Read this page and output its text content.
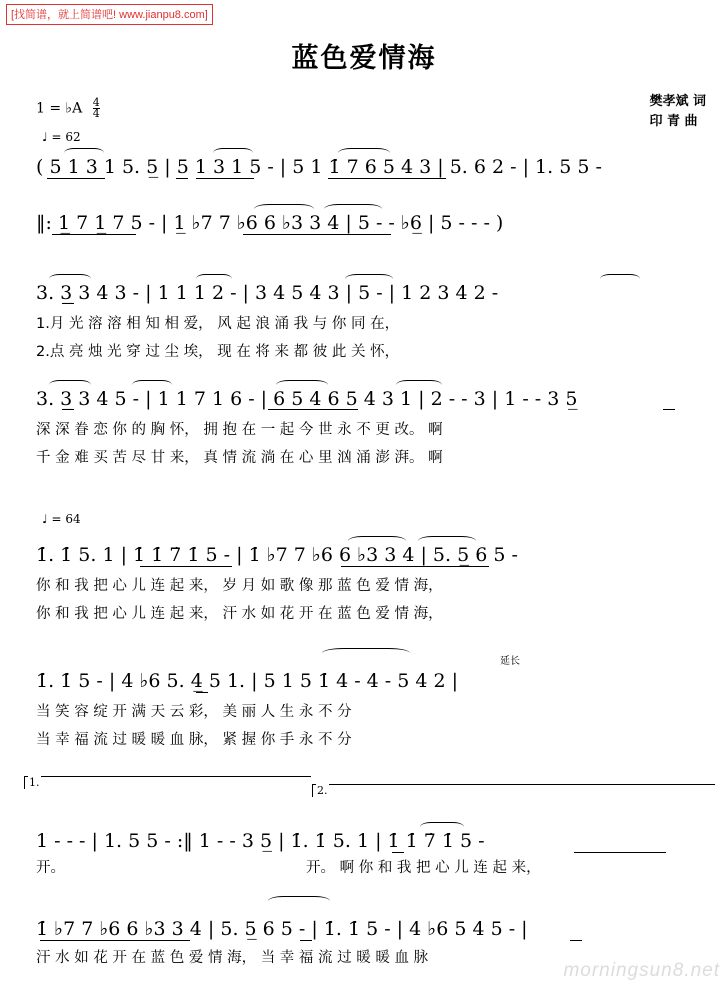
[找简谱，就上简谱吧! www.jianpu8.com]
蓝色爱情海
樊孝斌 词
印 青 曲
1 = ♭A $\frac{4}{4}$
♩ = 62
( 5 1 3 1 5. 5̲ | 5 1 3 1 5 - | 5 1 1̇ 7 6 5 4 3 | 5. 6 2 - | 1. 5 5 -
‖: 1̲ 7 1̲ 7 5 - | 1̲ ♭7 7 ♭6 6 ♭3 3 4 | 5 - - ♭6̲ | 5 - - - )
3. 3̲ 3 4 3 - | 1 1 1 2 - | 3 4 5 4 3 | 5 - | 1 2 3 4 2 -
1.月 光 溶 溶 相 知 相 爱， 风 起 浪 涌 我 与 你 同 在，
2.点 亮 烛 光 穿 过 尘 埃， 现 在 将 来 都 彼 此 关 怀，
3. 3̲ 3 4 5 - | 1 1 7 1 6 - | 6 5 4 6 5 4 3 1 | 2 - - 3 | 1 - - 3 5̲
深 深 眷 恋 你 的 胸 怀， 拥 抱 在 一 起 今 世 永 不 更 改。 啊
千 金 难 买 苦 尽 甘 来， 真 情 流 淌 在 心 里 汹 涌 澎 湃。 啊
♩ = 64
1̇. 1̇ 5. 1 | 1̇ 1̇ 7̇ 1̇ 5 - | 1̇ ♭7 7 ♭6 6 ♭3 3 4 | 5. 5̲ 6 5 -
你 和 我 把 心 儿 连 起 来， 岁 月 如 歌 像 那 蓝 色 爱 情 海，
你 和 我 把 心 儿 连 起 来， 汗 水 如 花 开 在 蓝 色 爱 情 海，
1̇. 1̇ 5 - | 4 ♭6 5. 4̲ 5 1. | 5 1 5 1̇ 4 - 4 - 5 4 2 |
延长
当 笑 容 绽 开 满 天 云 彩， 美 丽 人 生 永 不 分
当 幸 福 流 过 暖 暖 血 脉， 紧 握 你 手 永 不 分
1.
2.
1 - - - | 1. 5 5 - :‖ 1 - - 3 5̲ | 1̇. 1̇ 5. 1 | 1̇ 1̇ 7̇ 1̇ 5 -
开。	开。 啊 你 和 我 把 心 儿 连 起 来，
1̇ ♭7 7 ♭6 6 ♭3 3 4 | 5. 5̲ 6 5 - | 1̇. 1̇ 5 - | 4 ♭6 5 4 5 - |
汗 水 如 花 开 在 蓝 色 爱 情 海， 当 幸 福 流 过 暖 暖 血 脉
morningsun8.net
